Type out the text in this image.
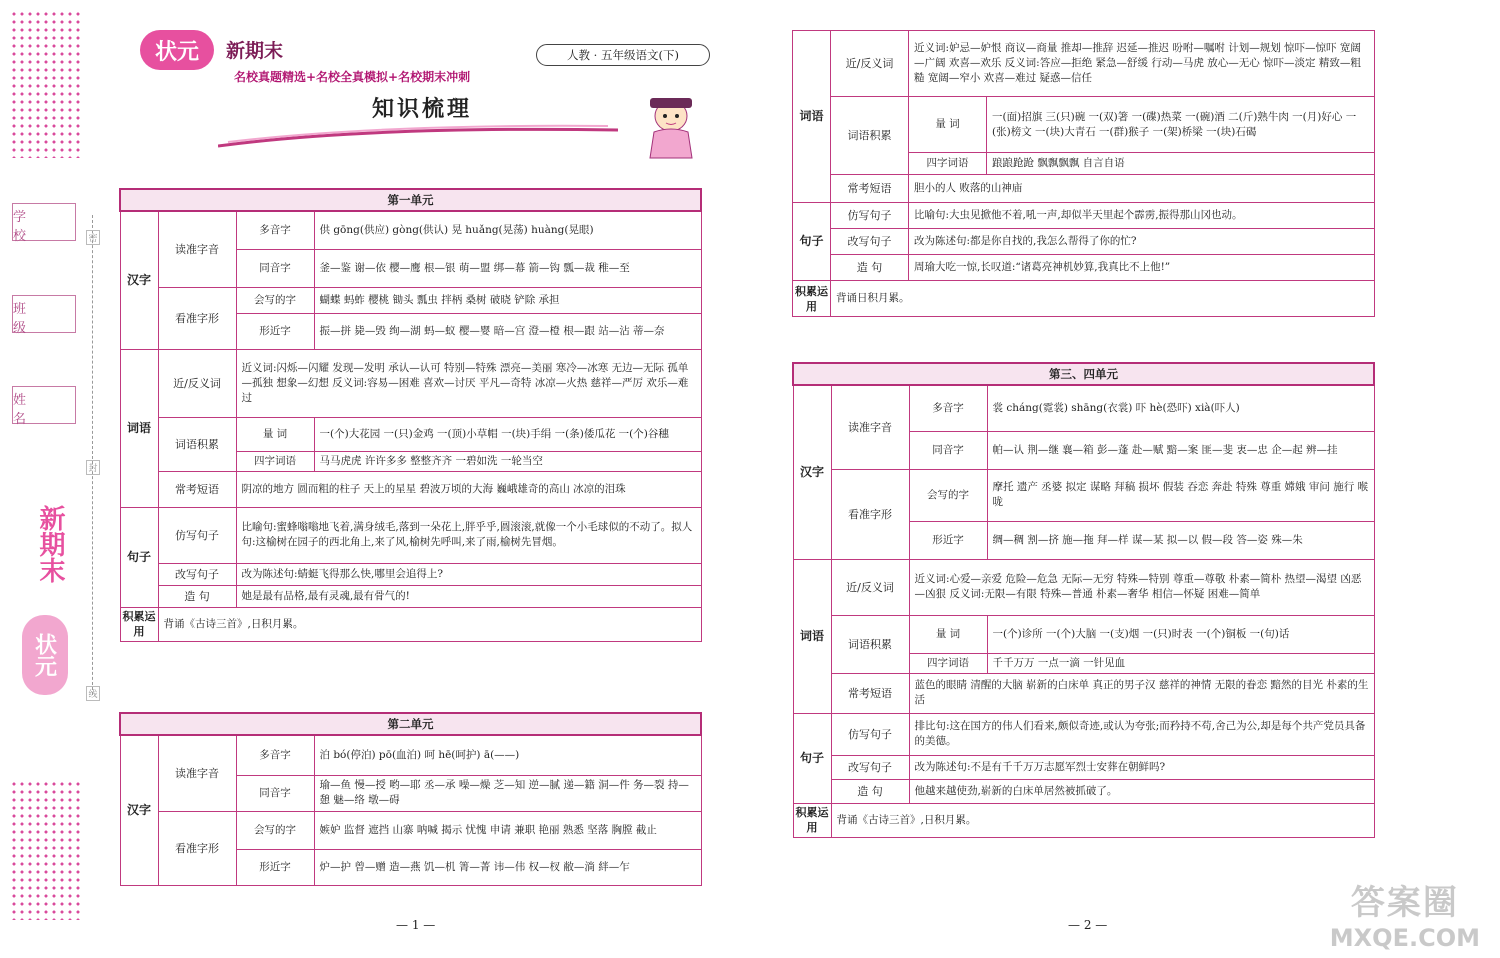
学 校
班 级
姓 名
密
封
线
新期末
状元
状元	新期末	人教 · 五年级语文(下)
名校真题精选+名校全真模拟+名校期末冲刺
知识梳理
第一单元			
汉字	读准字音	多音字	供 gōng(供应) gòng(供认) 晃 huǎng(晃荡) huàng(晃眼)
		同音字	釜—鉴 谢—依 樱—鹰 根—银 萌—盟 绑—幕 箭—钩 瓢—裁 稚—至
	看准字形	会写的字	蝴蝶 蚂蚱 樱桃 锄头 瓢虫 拌柄 桑树 破晓 铲除 承担
		形近字	振—拼 毙—毁 绚—湖 蚂—蚁 樱—婴 暗—宫 澄—橙 根—跟 站—沾 蒂—奈
词语	近/反义词	近义词:闪烁—闪耀 发现—发明 承认—认可 特别—特殊 漂亮—美丽 寒冷—冰寒 无边—无际 孤单—孤独 想象—幻想 反义词:容易—困难 喜欢—讨厌 平凡—奇特 冰凉—火热 慈祥—严厉 欢乐—难过	
	词语积累	量 词	一(个)大花园 一(只)金鸡 一(顶)小草帽 一(块)手绢 一(条)倭瓜花 一(个)谷穗
		四字词语	马马虎虎 许许多多 整整齐齐 一碧如洗 一轮当空
	常考短语	阴凉的地方 圆而粗的柱子 天上的星星 碧波万顷的大海 巍峨雄奇的高山 冰凉的泪珠	
句子	仿写句子	比喻句:蜜蜂嗡嗡地飞着,满身绒毛,落到一朵花上,胖乎乎,圆滚滚,就像一个小毛球似的不动了。拟人句:这榆树在园子的西北角上,来了风,榆树先呼叫,来了雨,榆树先冒烟。	
	改写句子	改为陈述句:蜻蜓飞得那么快,哪里会追得上?	
	造 句	她是最有品格,最有灵魂,最有骨气的!	
积累运用	背诵《古诗三首》,日积月累。		
第二单元			
汉字	读准字音	多音字	泊 bó(停泊) pō(血泊) 呵 hē(呵护) ā(——)
		同音字	瑜—鱼 慢—授 哟—耶 丞—承 噪—燥 芝—知 逆—腻 递—籍 洞—件 务—裂 持—憩 魅—络 墩—碍
	看准字形	会写的字	嫉妒 监督 遮挡 山寨 呐喊 揭示 忧愧 申请 兼职 艳丽 熟悉 坚落 胸膛 截止
		形近字	炉—护 曾—赠 造—燕 饥—机 箐—菁 讳—伟 权—杈 敝—淌 絆—乍
— 1 —
词语	近/反义词	近义词:妒忌—妒恨 商议—商量 推却—推辞 迟延—推迟 吩咐—嘱咐 计划—规划 惊吓—惊吓 宽阔—广阔 欢喜—欢乐 反义词:答应—拒绝 紧急—舒缓 行动—马虎 放心—无心 惊吓—淡定 精致—粗糙 宽阔—窄小 欢喜—难过 疑惑—信任	
	词语积累	量 词	一(面)招旗 三(只)碗 一(双)箸 一(碟)热菜 一(碗)酒 二(斤)熟牛肉 一(月)好心 一(张)榜文 一(块)大青石 一(群)猴子 一(架)桥梁 一(块)石碣
		四字词语	踉踉跄跄 飘飘飘飘 自言自语
	常考短语	胆小的人 败落的山神庙	
句子	仿写句子	比喻句:大虫见掀他不着,吼一声,却似半天里起个霹雳,振得那山冈也动。	
	改写句子	改为陈述句:都是你自找的,我怎么帮得了你的忙?	
	造 句	周瑜大吃一惊,长叹道:“诸葛亮神机妙算,我真比不上他!”	
积累运用	背诵日积月累。		
第三、四单元			
汉字	读准字音	多音字	裳 cháng(霓裳) shāng(衣裳) 吓 hè(恐吓) xià(吓人)
		同音字	帕—认 荆—继 襄—箱 彭—蓬 赴—赋 黯—案 匪—斐 衷—忠 企—起 辨—挂
	看准字形	会写的字	摩托 遗产 丞婆 拟定 谋略 拜稿 损坏 假装 吞恋 奔赴 特殊 尊重 嫦娥 审问 施行 喉咙
		形近字	绸—稠 割—挤 施—拖 拜—样 谋—某 拟—以 假—段 答—姿 殊—朱
词语	近/反义词	近义词:心爱—亲爱 危险—危急 无际—无穷 特殊—特别 尊重—尊敬 朴素—简朴 热望—渴望 凶恶—凶狠 反义词:无限—有限 特殊—普通 朴素—奢华 相信—怀疑 困难—简单	
	词语积累	量 词	一(个)诊所 一(个)大脑 一(支)烟 一(只)时表 一(个)铜板 一(句)话
		四字词语	千千万万 一点一滴 一针见血
	常考短语	蓝色的眼睛 清醒的大脑 崭新的白床单 真正的男子汉 慈祥的神情 无限的眷恋 黯然的目光 朴素的生活	
句子	仿写句子	排比句:这在国方的伟人们看来,颇似奇迹,或认为夸张;而矜持不苟,舍己为公,却是每个共产党员具备的美德。	
	改写句子	改为陈述句:不是有千千万万志愿军烈士安葬在朝鲜吗?	
	造 句	他越来越使劲,崭新的白床单居然被抓破了。	
积累运用	背诵《古诗三首》,日积月累。		
— 2 —
答案圈
MXQE.COM
